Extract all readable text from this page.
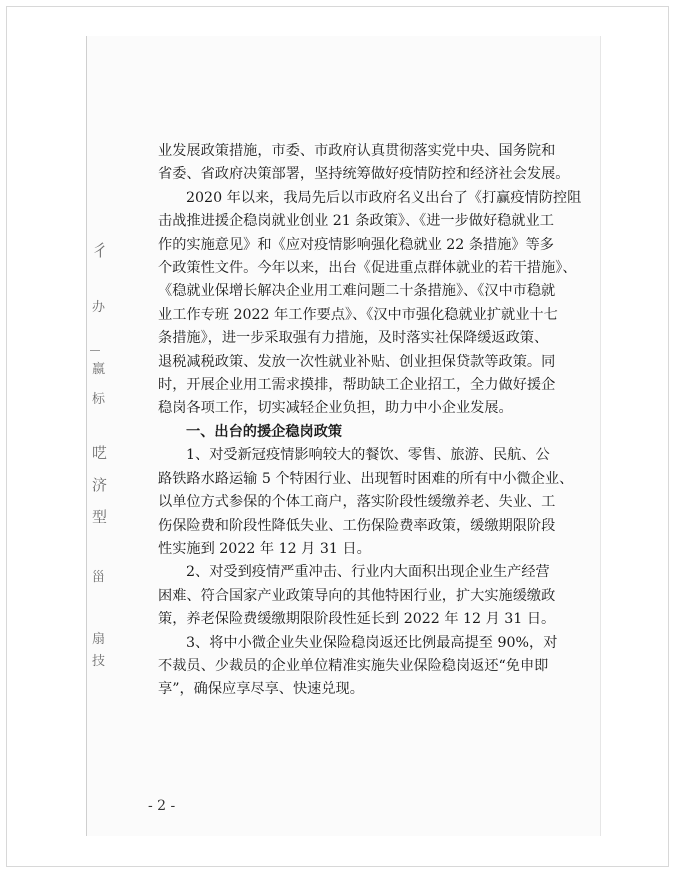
彳
办
嬴
标
呓
济
型
甾
扇
技
业发展政策措施，市委、市政府认真贯彻落实党中央、国务院和
省委、省政府决策部署，坚持统筹做好疫情防控和经济社会发展。
2020 年以来，我局先后以市政府名义出台了《打赢疫情防控阻
击战推进援企稳岗就业创业 21 条政策》、《进一步做好稳就业工
作的实施意见》和《应对疫情影响强化稳就业 22 条措施》等多
个政策性文件。今年以来，出台《促进重点群体就业的若干措施》、
《稳就业保增长解决企业用工难问题二十条措施》、《汉中市稳就
业工作专班 2022 年工作要点》、《汉中市强化稳就业扩就业十七
条措施》，进一步采取强有力措施，及时落实社保降缓返政策、
退税减税政策、发放一次性就业补贴、创业担保贷款等政策。同
时，开展企业用工需求摸排，帮助缺工企业招工，全力做好援企
稳岗各项工作，切实减轻企业负担，助力中小企业发展。
一、出台的援企稳岗政策
1、对受新冠疫情影响较大的餐饮、零售、旅游、民航、公
路铁路水路运输 5 个特困行业、出现暂时困难的所有中小微企业、
以单位方式参保的个体工商户，落实阶段性缓缴养老、失业、工
伤保险费和阶段性降低失业、工伤保险费率政策，缓缴期限阶段
性实施到 2022 年 12 月 31 日。
2、对受到疫情严重冲击、行业内大面积出现企业生产经营
困难、符合国家产业政策导向的其他特困行业，扩大实施缓缴政
策，养老保险费缓缴期限阶段性延长到 2022 年 12 月 31 日。
3、将中小微企业失业保险稳岗返还比例最高提至 90%，对
不裁员、少裁员的企业单位精准实施失业保险稳岗返还“免申即
享”，确保应享尽享、快速兑现。
- 2 -
